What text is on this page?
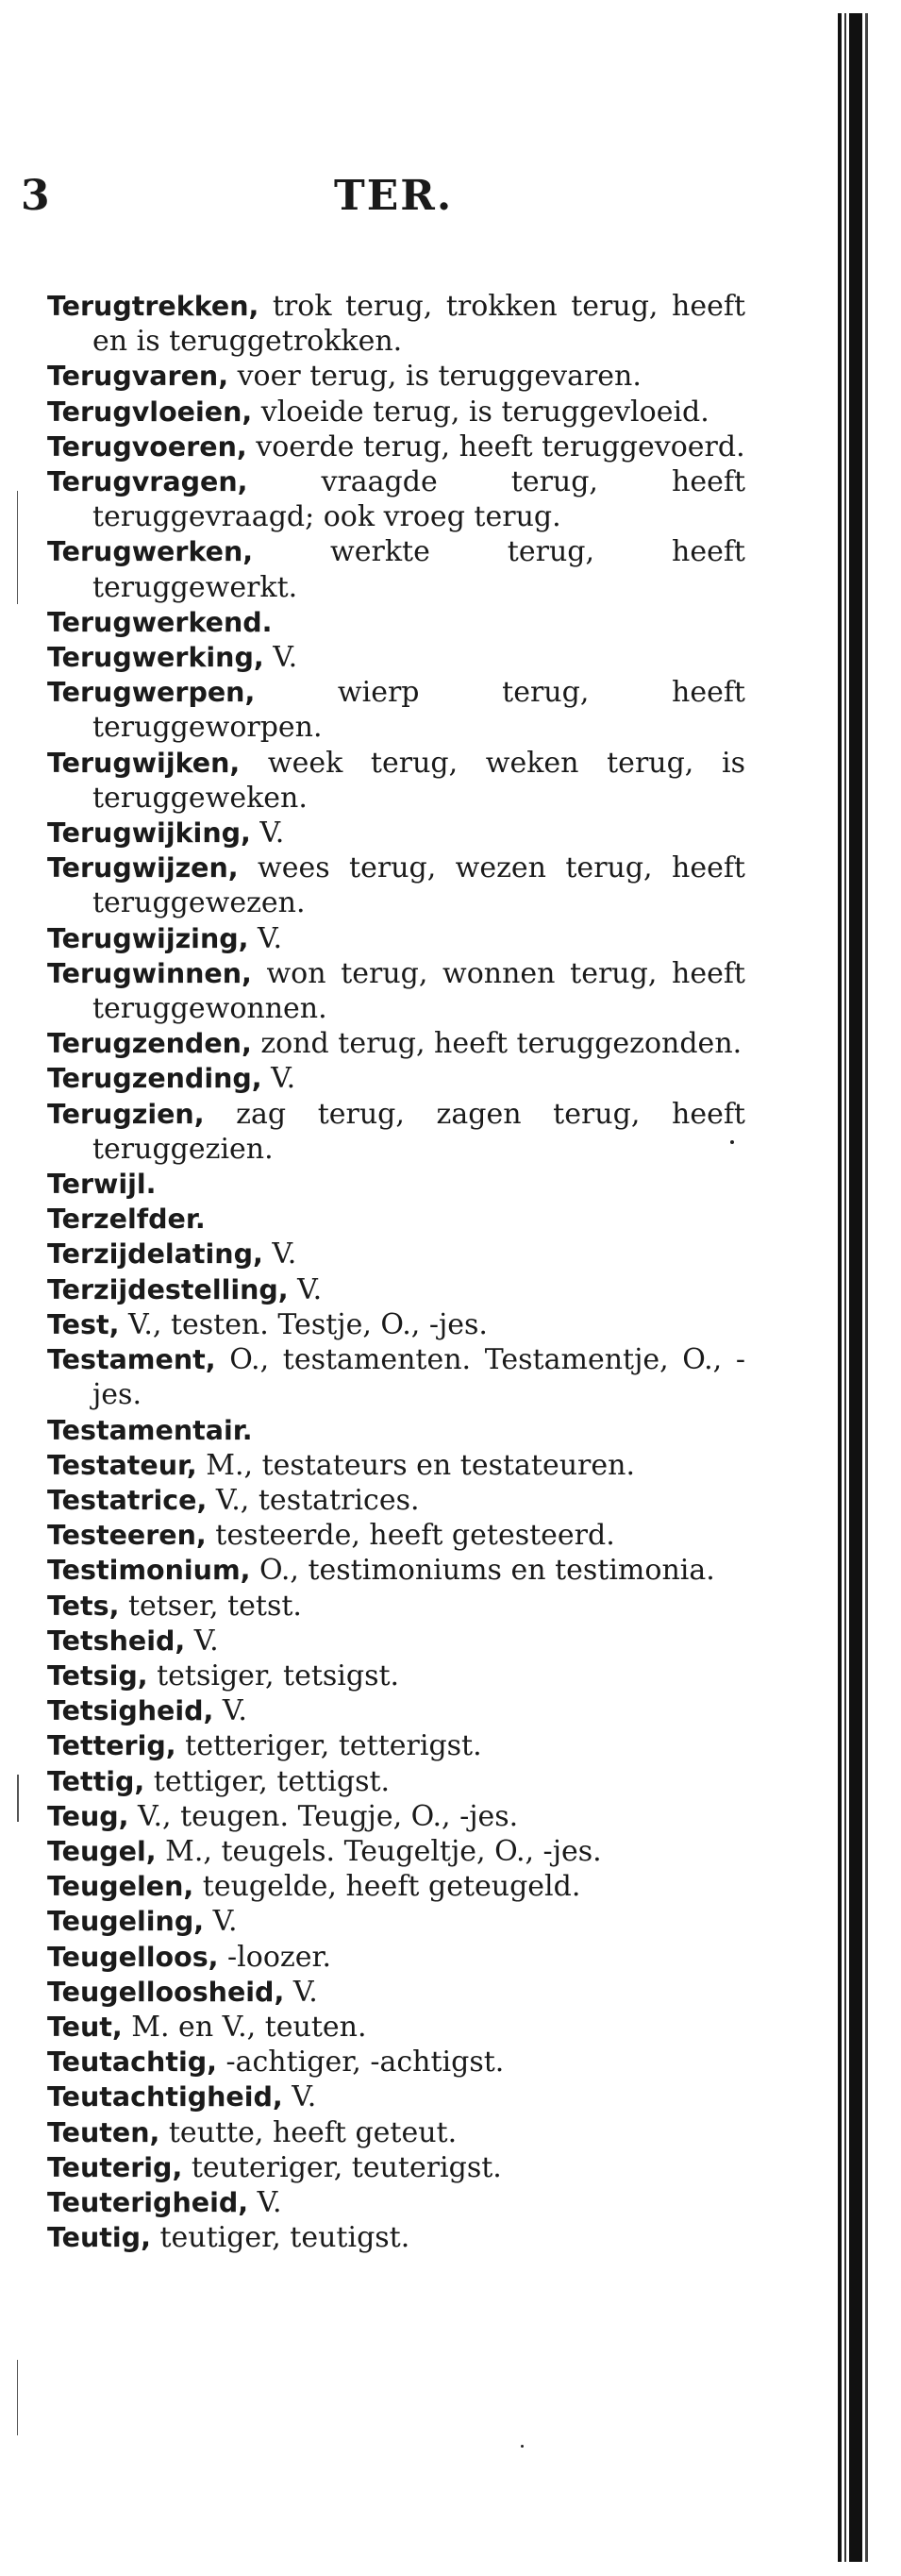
3	TER.
Terugtrekken, trok terug, trokken terug, heeft en is teruggetrokken.
Terugvaren, voer terug, is teruggevaren.
Terugvloeien, vloeide terug, is teruggevloeid.
Terugvoeren, voerde terug, heeft teruggevoerd.
Terugvragen, vraagde terug, heeft teruggevraagd; ook vroeg terug.
Terugwerken, werkte terug, heeft teruggewerkt.
Terugwerkend.
Terugwerking, V.
Terugwerpen, wierp terug, heeft teruggeworpen.
Terugwijken, week terug, weken terug, is teruggeweken.
Terugwijking, V.
Terugwijzen, wees terug, wezen terug, heeft teruggewezen.
Terugwijzing, V.
Terugwinnen, won terug, wonnen terug, heeft teruggewonnen.
Terugzenden, zond terug, heeft teruggezonden.
Terugzending, V.
Terugzien, zag terug, zagen terug, heeft teruggezien.
Terwijl.
Terzelfder.
Terzijdelating, V.
Terzijdestelling, V.
Test, V., testen. Testje, O., -jes.
Testament, O., testamenten. Testamentje, O., -jes.
Testamentair.
Testateur, M., testateurs en testateuren.
Testatrice, V., testatrices.
Testeeren, testeerde, heeft getesteerd.
Testimonium, O., testimoniums en testimonia.
Tets, tetser, tetst.
Tetsheid, V.
Tetsig, tetsiger, tetsigst.
Tetsigheid, V.
Tetterig, tetteriger, tetterigst.
Tettig, tettiger, tettigst.
Teug, V., teugen. Teugje, O., -jes.
Teugel, M., teugels. Teugeltje, O., -jes.
Teugelen, teugelde, heeft geteugeld.
Teugeling, V.
Teugelloos, -loozer.
Teugelloosheid, V.
Teut, M. en V., teuten.
Teutachtig, -achtiger, -achtigst.
Teutachtigheid, V.
Teuten, teutte, heeft geteut.
Teuterig, teuteriger, teuterigst.
Teuterigheid, V.
Teutig, teutiger, teutigst.
